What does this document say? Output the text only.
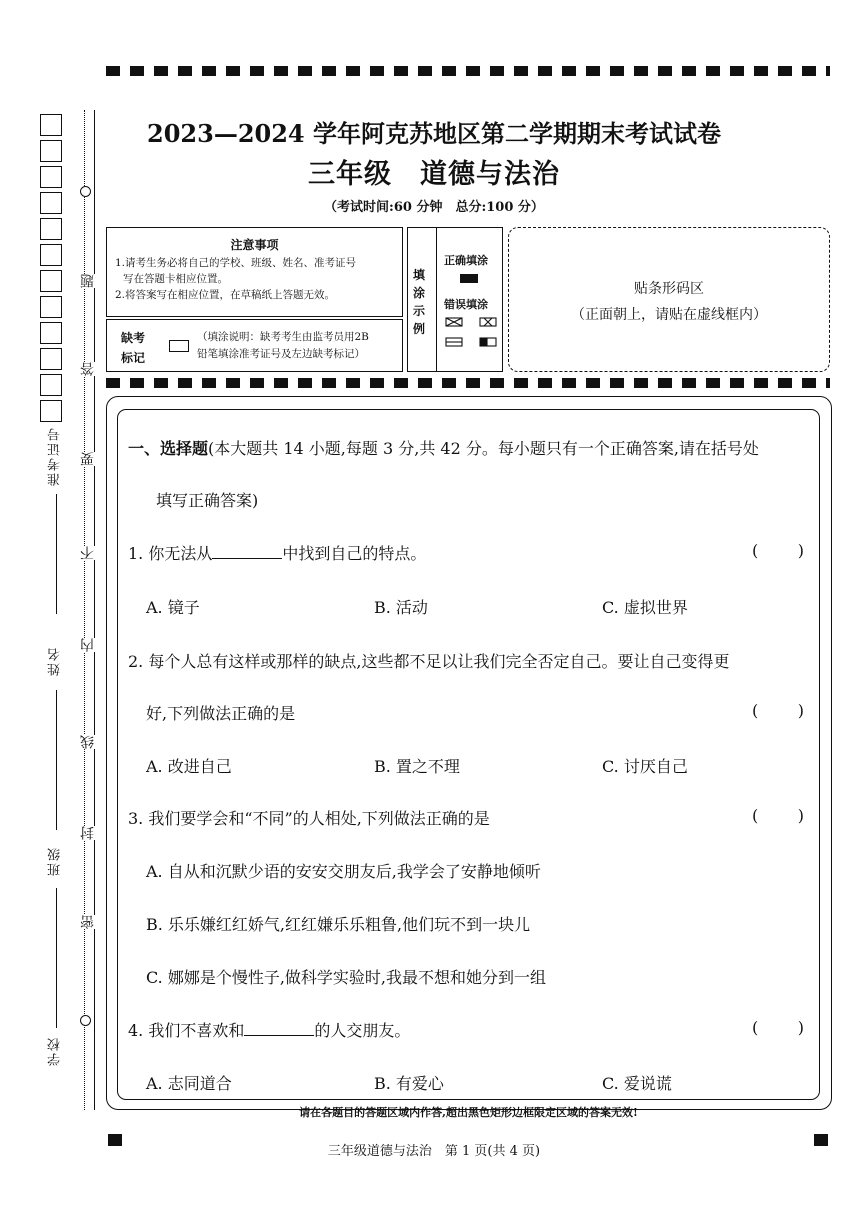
题
答
要
不
内
线
封
密
准考证号
姓名
班级
学校
2023—2024 学年阿克苏地区第二学期期末考试试卷
三年级　道德与法治
（考试时间:60 分钟　总分:100 分）
注意事项
1.请考生务必将自己的学校、班级、姓名、准考证号
写在答题卡相应位置。
2.将答案写在相应位置，在草稿纸上答题无效。
缺考
标记
（填涂说明：缺考考生由监考员用2B
铅笔填涂准考证号及左边缺考标记）
填涂示例
正确填涂
错误填涂
贴条形码区
（正面朝上，请贴在虚线框内）
一、选择题(本大题共 14 小题,每题 3 分,共 42 分。每小题只有一个正确答案,请在括号处
填写正确答案)
1. 你无法从	中找到自己的特点。	( )
A. 镜子	B. 活动	C. 虚拟世界
2. 每个人总有这样或那样的缺点,这些都不足以让我们完全否定自己。要让自己变得更
好,下列做法正确的是	( )
A. 改进自己	B. 置之不理	C. 讨厌自己
3. 我们要学会和“不同”的人相处,下列做法正确的是	( )
A. 自从和沉默少语的安安交朋友后,我学会了安静地倾听
B. 乐乐嫌红红娇气,红红嫌乐乐粗鲁,他们玩不到一块儿
C. 娜娜是个慢性子,做科学实验时,我最不想和她分到一组
4. 我们不喜欢和	的人交朋友。	( )
A. 志同道合	B. 有爱心	C. 爱说谎
请在各题目的答题区域内作答,超出黑色矩形边框限定区域的答案无效!
三年级道德与法治　第 1 页(共 4 页)
